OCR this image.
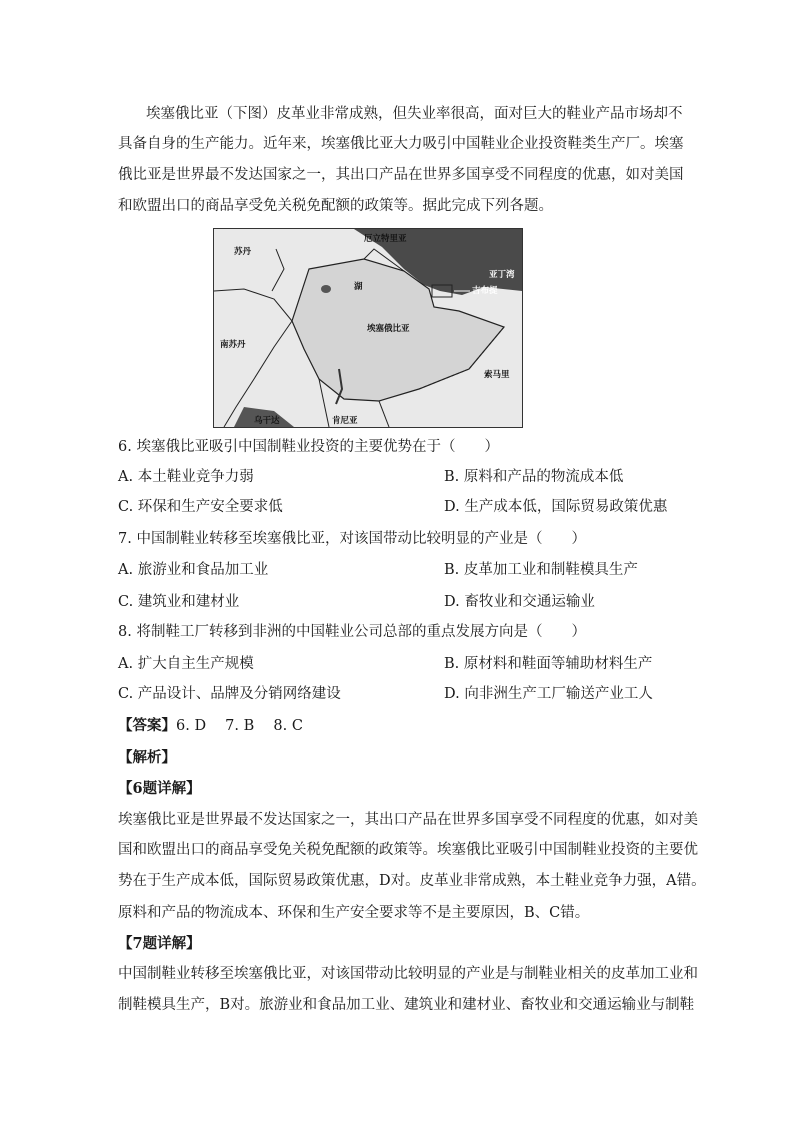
埃塞俄比亚（下图）皮革业非常成熟，但失业率很高，面对巨大的鞋业产品市场却不
具备自身的生产能力。近年来，埃塞俄比亚大力吸引中国鞋业企业投资鞋类生产厂。埃塞
俄比亚是世界最不发达国家之一，其出口产品在世界多国享受不同程度的优惠，如对美国
和欧盟出口的商品享受免关税免配额的政策等。据此完成下列各题。
厄立特里亚
苏丹
亚丁湾
吉布提
湖
埃塞俄比亚
南苏丹
索马里
乌干达	肯尼亚
6. 埃塞俄比亚吸引中国制鞋业投资的主要优势在于（　　）
A. 本土鞋业竞争力弱	B. 原料和产品的物流成本低
C. 环保和生产安全要求低	D. 生产成本低，国际贸易政策优惠
7. 中国制鞋业转移至埃塞俄比亚，对该国带动比较明显的产业是（　　）
A. 旅游业和食品加工业	B. 皮革加工业和制鞋模具生产
C. 建筑业和建材业	D. 畜牧业和交通运输业
8. 将制鞋工厂转移到非洲的中国鞋业公司总部的重点发展方向是（　　）
A. 扩大自主生产规模	B. 原材料和鞋面等辅助材料生产
C. 产品设计、品牌及分销网络建设	D. 向非洲生产工厂输送产业工人
【答案】6. D　 7. B　 8. C
【解析】
【6题详解】
埃塞俄比亚是世界最不发达国家之一，其出口产品在世界多国享受不同程度的优惠，如对美
国和欧盟出口的商品享受免关税免配额的政策等。埃塞俄比亚吸引中国制鞋业投资的主要优
势在于生产成本低，国际贸易政策优惠，D对。皮革业非常成熟，本土鞋业竞争力强，A错。
原料和产品的物流成本、环保和生产安全要求等不是主要原因，B、C错。
【7题详解】
中国制鞋业转移至埃塞俄比亚，对该国带动比较明显的产业是与制鞋业相关的皮革加工业和
制鞋模具生产，B对。旅游业和食品加工业、建筑业和建材业、畜牧业和交通运输业与制鞋
